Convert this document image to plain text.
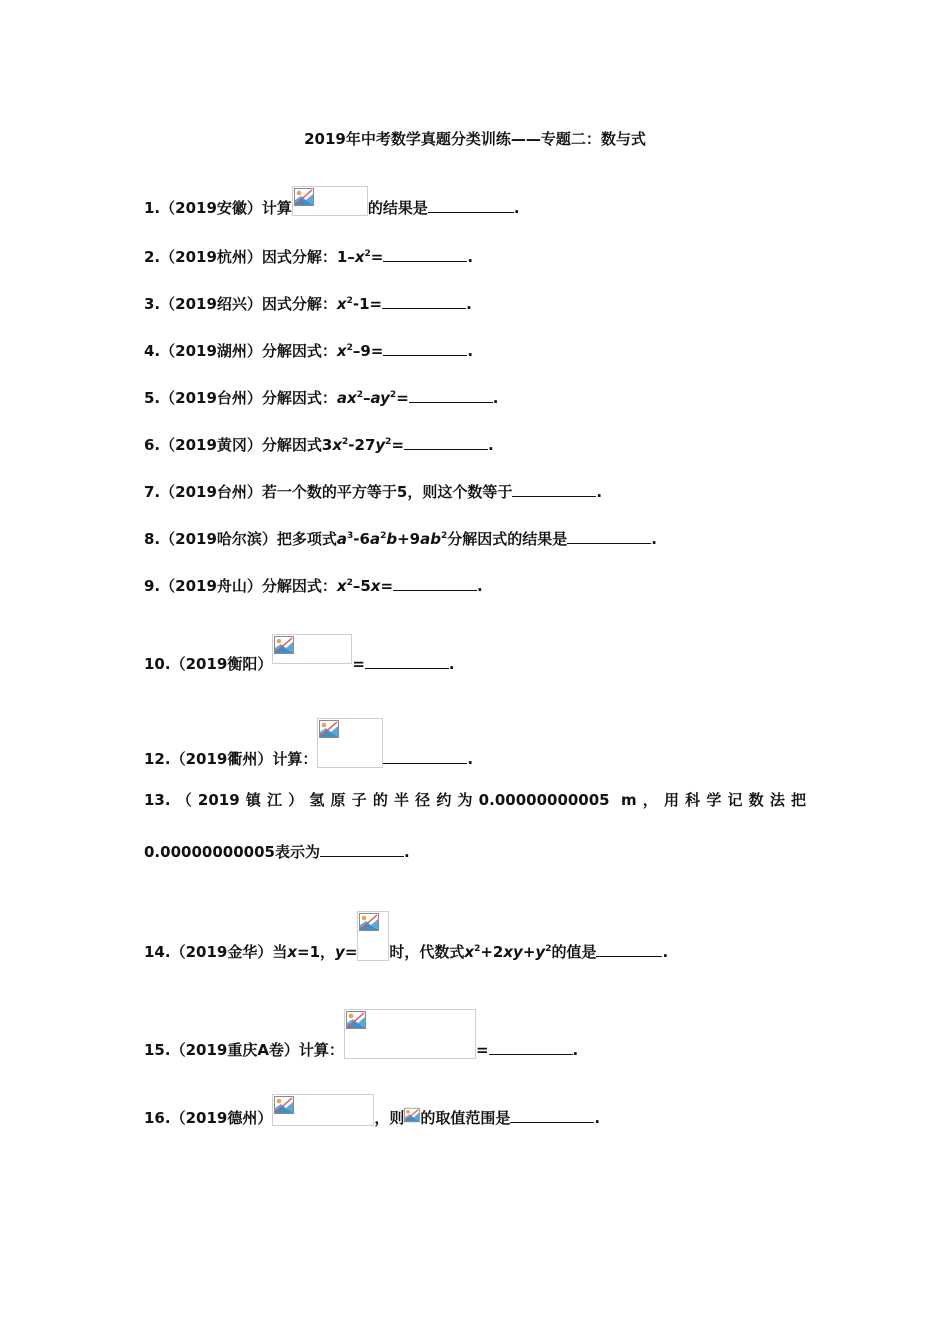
2019年中考数学真题分类训练——专题二：数与式
1.（2019安徽）计算	的结果是	.
2.（2019杭州）因式分解：$1-x^2=$	.
3.（2019绍兴）因式分解：$x^2-1=$	.
4.（2019湖州）分解因式：$x^2-9=$	.
5.（2019台州）分解因式：$ax^2-ay^2=$	.
6.（2019黄冈）分解因式$3x^2-27y^2=$	.
7.（2019台州）若一个数的平方等于5，则这个数等于	.
8.（2019哈尔滨）把多项式$a^3-6a^2b+9ab^2$分解因式的结果是	.
9.（2019舟山）分解因式：$x^2-5x=$	.
10.（2019衡阳）	=	.
12.（2019衢州）计算：	.
13.（2019镇江）氢原子的半径约为0.00000000005 m，用科学记数法把
0.00000000005表示为	.
14.（2019金华）当x=1，y= 时，代数式$x^2+2xy+y^2$的值是	.
15.（2019重庆A卷）计算：	=	.
16.（2019德州）	，则 的取值范围是	.
